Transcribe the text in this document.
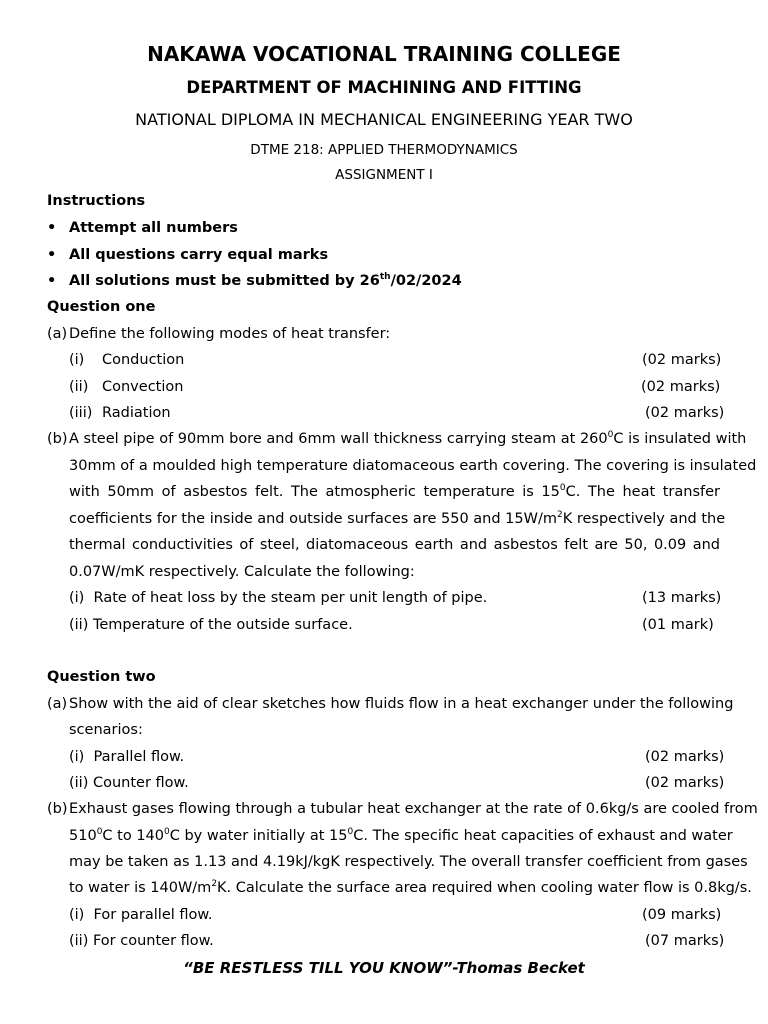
NAKAWA VOCATIONAL TRAINING COLLEGE
DEPARTMENT OF MACHINING AND FITTING
NATIONAL DIPLOMA IN MECHANICAL ENGINEERING YEAR TWO
DTME 218: APPLIED THERMODYNAMICS
ASSIGNMENT I
Instructions
• Attempt all numbers
• All questions carry equal marks
• All solutions must be submitted by 26th/02/2024
Question one
(a) Define the following modes of heat transfer:
(i) Conduction	(02 marks)
(ii) Convection	(02 marks)
(iii) Radiation	(02 marks)
(b) A steel pipe of 90mm bore and 6mm wall thickness carrying steam at $260^0C$ is insulated with
30mm of a moulded high temperature diatomaceous earth covering. The covering is insulated
with 50mm of asbestos felt. The atmospheric temperature is $15^0C$. The heat transfer
coefficients for the inside and outside surfaces are 550 and $15W/m^2K$ respectively and the
thermal conductivities of steel, diatomaceous earth and asbestos felt are 50, 0.09 and
0.07W/mK respectively. Calculate the following:
(i)  Rate of heat loss by the steam per unit length of pipe.	(13 marks)
(ii) Temperature of the outside surface.	(01 mark)
Question two
(a) Show with the aid of clear sketches how fluids flow in a heat exchanger under the following
scenarios:
(i)  Parallel flow.	(02 marks)
(ii) Counter flow.	(02 marks)
(b) Exhaust gases flowing through a tubular heat exchanger at the rate of 0.6kg/s are cooled from
$510^0C$ to $140^0C$ by water initially at $15^0C$. The specific heat capacities of exhaust and water
may be taken as 1.13 and 4.19kJ/kgK respectively. The overall transfer coefficient from gases
to water is $140W/m^2K$. Calculate the surface area required when cooling water flow is 0.8kg/s.
(i)  For parallel flow.	(09 marks)
(ii) For counter flow.	(07 marks)
“BE RESTLESS TILL YOU KNOW”-Thomas Becket
